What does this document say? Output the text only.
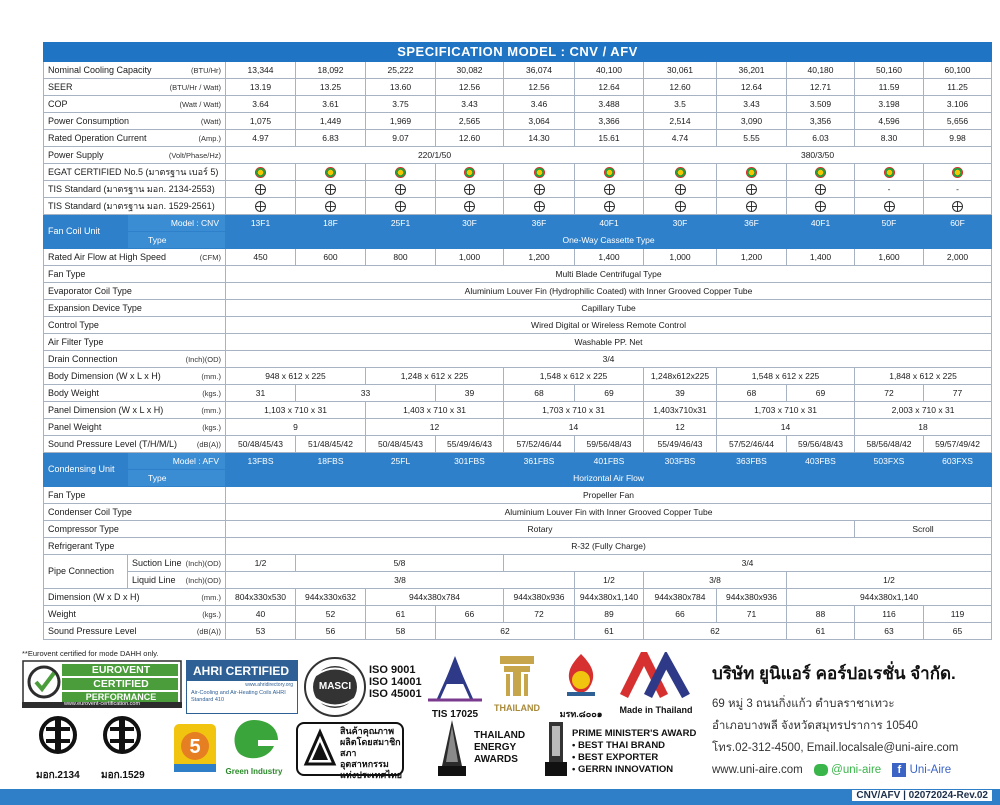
SPECIFICATION MODEL : CNV / AFV												
Nominal Cooling Capacity (BTU/Hr)		13,344	18,092	25,222	30,082	36,074	40,100	30,061	36,201	40,180	50,160	60,100
SEER (BTU/Hr / Watt)		13.19	13.25	13.60	12.56	12.56	12.64	12.60	12.64	12.71	11.59	11.25
COP (Watt / Watt)		3.64	3.61	3.75	3.43	3.46	3.488	3.5	3.43	3.509	3.198	3.106
Power Consumption (Watt)		1,075	1,449	1,969	2,565	3,064	3,366	2,514	3,090	3,356	4,596	5,656
Rated Operation Current (Amp.)		4.97	6.83	9.07	12.60	14.30	15.61	4.74	5.55	6.03	8.30	9.98
Power Supply (Volt/Phase/Hz)		220/1/50						380/3/50				
EGAT CERTIFIED No.5 (มาตรฐาน เบอร์ 5)												
TIS Standard (มาตรฐาน มอก. 2134-2553)											-	-
TIS Standard (มาตรฐาน มอก. 1529-2561)												
Fan Coil Unit	Model : CNV	13F1	18F	25F1	30F	36F	40F1	30F	36F	40F1	50F	60F
	Type	One-Way Cassette Type										
Rated Air Flow at High Speed (CFM)		450	600	800	1,000	1,200	1,400	1,000	1,200	1,400	1,600	2,000
Fan Type		Multi Blade Centrifugal Type										
Evaporator Coil Type		Aluminium Louver Fin (Hydrophilic Coated) with Inner Grooved Copper Tube										
Expansion Device Type		Capillary Tube										
Control Type		Wired Digital or Wireless Remote Control										
Air Filter Type		Washable PP. Net										
Drain Connection (Inch)(OD)		3/4										
Body Dimension (W x L x H) (mm.)		948 x 612 x 225		1,248 x 612 x 225		1,548 x 612 x 225		1,248x612x225	1,548 x 612 x 225		1,848 x 612 x 225	
Body Weight (kgs.)		31	33		39	68	69	39	68	69	72	77
Panel Dimension (W x L x H) (mm.)		1,103 x 710 x 31		1,403 x 710 x 31		1,703 x 710 x 31		1,403x710x31	1,703 x 710 x 31		2,003 x 710 x 31	
Panel Weight (kgs.)		9		12		14		12	14		18	
Sound Pressure Level (T/H/M/L) (dB(A))		50/48/45/43	51/48/45/42	50/48/45/43	55/49/46/43	57/52/46/44	59/56/48/43	55/49/46/43	57/52/46/44	59/56/48/43	58/56/48/42	59/57/49/42
Condensing Unit	Model : AFV	13FBS	18FBS	25FL	301FBS	361FBS	401FBS	303FBS	363FBS	403FBS	503FXS	603FXS
	Type	Horizontal Air Flow										
Fan Type		Propeller Fan										
Condenser Coil Type		Aluminium Louver Fin with Inner Grooved Copper Tube										
Compressor Type		Rotary									Scroll	
Refrigerant Type		R-32 (Fully Charge)										
Pipe Connection	Suction Line (Inch)(OD)	1/2	5/8			3/4						
	Liquid Line (Inch)(OD)	3/8					1/2	3/8		1/2		
Dimension (W x D x H) (mm.)		804x330x530	944x330x632	944x380x784		944x380x936	944x380x1,140	944x380x784	944x380x936	944x380x1,140		
Weight (kgs.)		40	52	61	66	72	89	66	71	88	116	119
Sound Pressure Level (dB(A))		53	56	58	62		61	62		61	63	65
CNV/AFV | 02072024-Rev.02
**Eurovent certified for mode DAHH only.
EUROVENT
CERTIFIED
PERFORMANCE
www.eurovent-certification.com
AHRI CERTIFIED
www.ahridirectory.org
Air-Cooling and Air-Heating Coils AHRI Standard 410
MASCI
ISO 9001
ISO 14001
ISO 45001
TIS 17025
THAILAND
มรท.๘๐๐๑	Made in Thailand
มอก.2134 มอก.1529
5
Green Industry
สินค้าคุณภาพ
ผลิตโดยสมาชิก
สภาอุตสาหกรรม
แห่งประเทศไทย
THAILAND
ENERGY
AWARDS
PRIME MINISTER'S AWARD
• BEST THAI BRAND
• BEST EXPORTER
• GERRN INNOVATION
บริษัท ยูนิแอร์ คอร์ปอเรชั่น จำกัด.
69 หมู่ 3 ถนนกิ่งแก้ว ตำบลราชาเทวะ
อำเภอบางพลี จังหวัดสมุทรปราการ 10540
โทร.02-312-4500, Email.localsale@uni-aire.com
www.uni-aire.com @uni-aire f Uni-Aire
